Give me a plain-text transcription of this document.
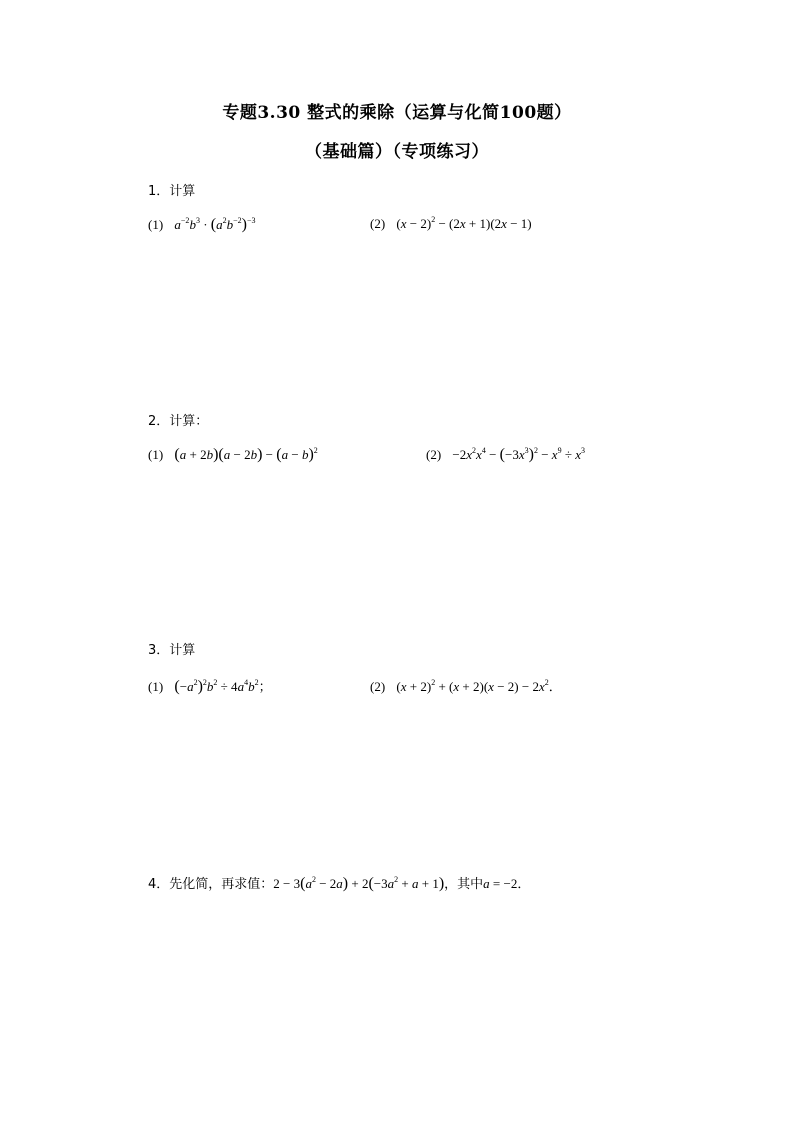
专题3.30 整式的乘除（运算与化简100题）
（基础篇）（专项练习）
1．计算
(1) $a^{-2}b^3 \cdot (a^2b^{-2})^{-3}$	(2) $(x - 2)^2 - (2x + 1)(2x - 1)$
2．计算：
(1) $(a + 2b)(a - 2b) - (a - b)^2$	$(2) -2x^2x^4 - (-3x^3)^2 - x^9 \div x^3$
3．计算
(1) $(-a^2)^2b^2 \div 4a^4b^2$；	(2) $(x + 2)^2 + (x + 2)(x - 2) - 2x^2$．
4．先化简，再求值：$2 - 3(a^2 - 2a) + 2(-3a^2 + a + 1)$，其中a = −2．
